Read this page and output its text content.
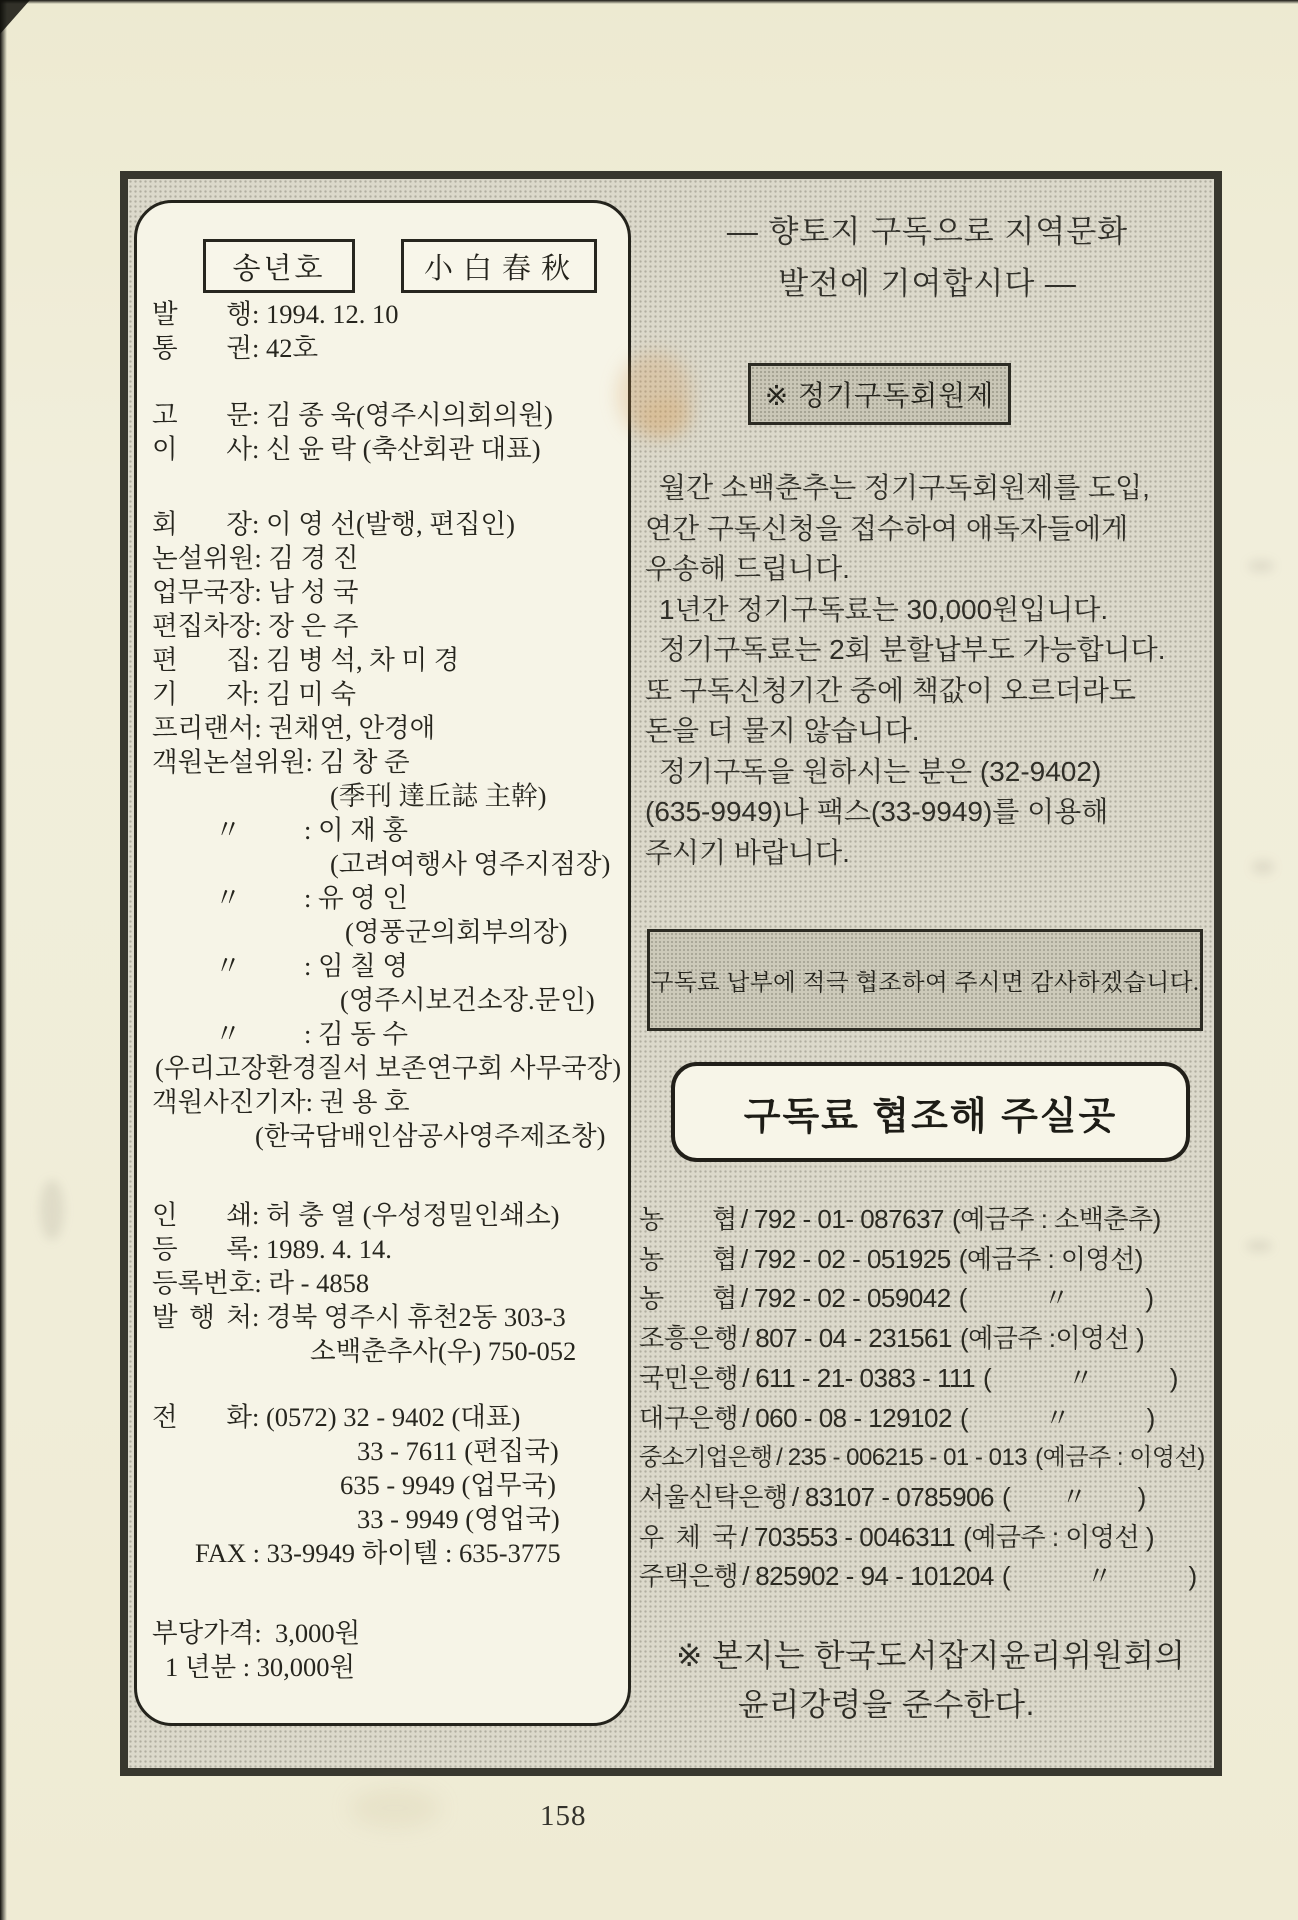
송년호	小白春秋
발　행: 1994. 12. 10
통　권: 42호
고　문: 김 종 욱(영주시의회의원)
이　사: 신 윤 락 (축산회관 대표)
회　장: 이 영 선(발행, 편집인)
논설위원: 김 경 진
업무국장: 남 성 국
편집차장: 장 은 주
편　집: 김 병 석, 차 미 경
기　자: 김 미 숙
프리랜서: 권채연, 안경애
객원논설위원: 김 창 준
(季刊 達丘誌 主幹)
〃 : 이 재 홍
(고려여행사 영주지점장)
〃 : 유 영 인
(영풍군의회부의장)
〃 : 임 칠 영
(영주시보건소장.문인)
〃 : 김 동 수
(우리고장환경질서 보존연구회 사무국장)
객원사진기자: 권 용 호
(한국담배인삼공사영주제조창)
인　쇄: 허 충 열 (우성정밀인쇄소)
등　록: 1989. 4. 14.
등록번호: 라 - 4858
발 행 처: 경북 영주시 휴천2동 303-3
소백춘추사(우) 750-052
전　화: (0572) 32 - 9402 (대표)
33 - 7611 (편집국)
635 - 9949 (업무국)
33 - 9949 (영업국)
FAX : 33-9949 하이텔 : 635-3775
부당가격:  3,000원
1 년분 : 30,000원
— 향토지 구독으로 지역문화
발전에 기여합시다 —
※ 정기구독회원제
월간 소백춘추는 정기구독회원제를 도입,
연간 구독신청을 접수하여 애독자들에게
우송해 드립니다.
1년간 정기구독료는 30,000원입니다.
정기구독료는 2회 분할납부도 가능합니다.
또 구독신청기간 중에 책값이 오르더라도
돈을 더 물지 않습니다.
정기구독을 원하시는 분은 (32-9402)
(635-9949)나 팩스(33-9949)를 이용해
주시기 바랍니다.
구독료 납부에 적극 협조하여 주시면 감사하겠습니다.
구독료 협조해 주실곳
농　협 / 792 - 01- 087637 (예금주 : 소백춘추)
농　협 / 792 - 02 - 051925 (예금주 : 이영선)
농　협 / 792 - 02 - 059042 (　　　〃　　　)
조흥은행 / 807 - 04 - 231561 (예금주 :이영선 )
국민은행 / 611 - 21- 0383 - 111 (　　　〃　　　)
대구은행 / 060 - 08 - 129102 (　　　〃　　　)
중소기업은행 / 235 - 006215 - 01 - 013 (예금주 : 이영선)
서울신탁은행 / 83107 - 0785906 (　　〃　　)
우 체 국 / 703553 - 0046311 (예금주 : 이영선 )
주택은행 / 825902 - 94 - 101204 (　　　〃　　　)
※ 본지는 한국도서잡지윤리위원회의
윤리강령을 준수한다.
158
